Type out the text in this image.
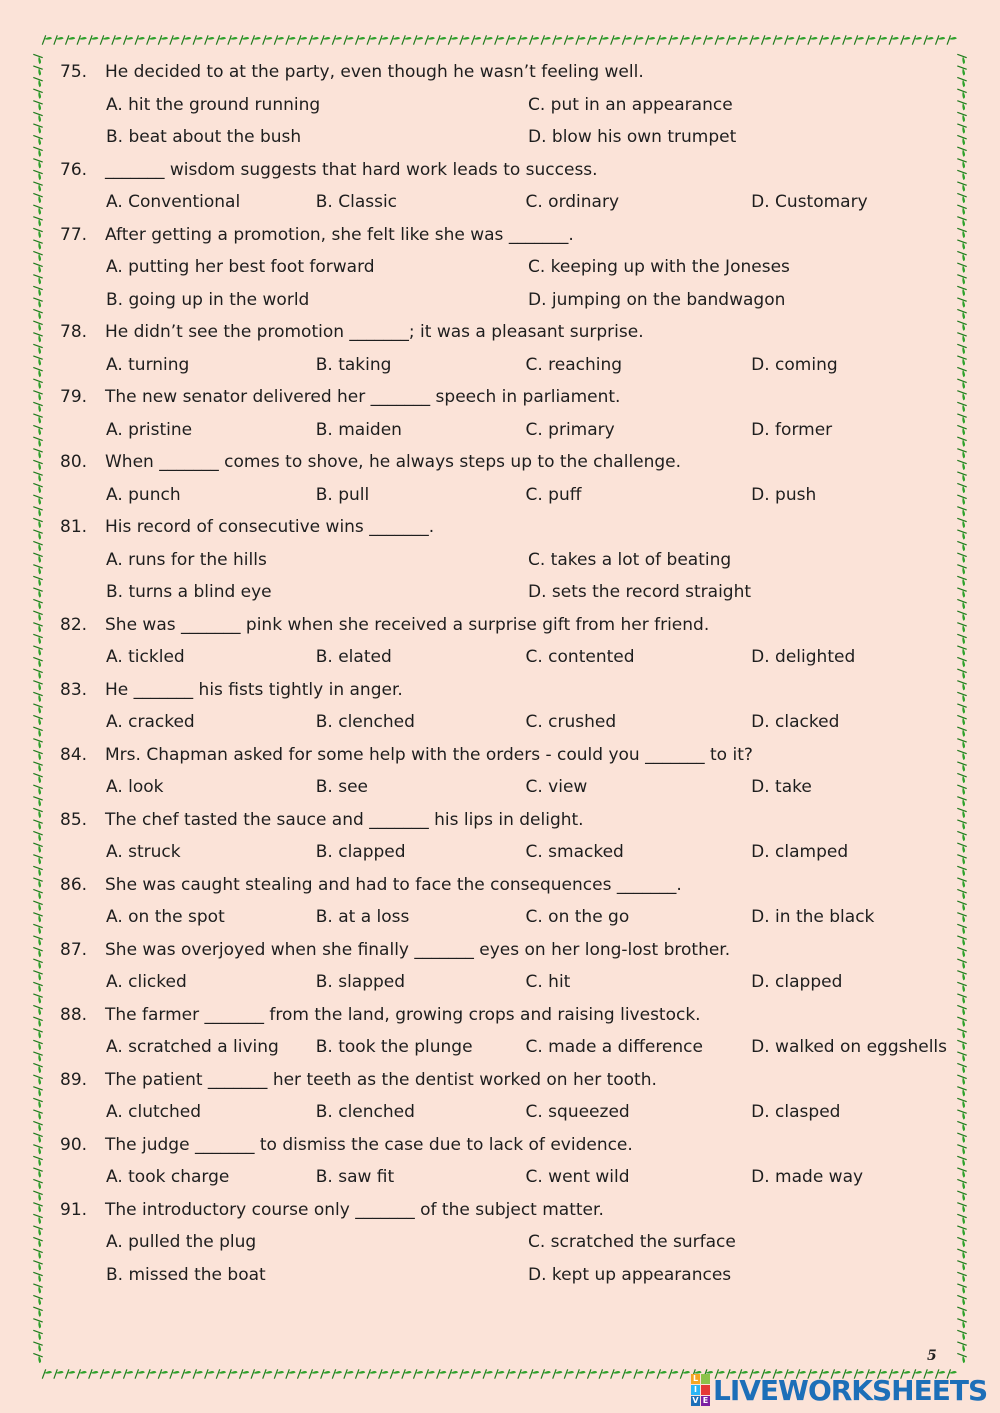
75.	He decided to at the party, even though he wasn’t feeling well.
A. hit the ground running	C. put in an appearance
B. beat about the bush	D. blow his own trumpet
76.	_______ wisdom suggests that hard work leads to success.
A. Conventional	B. Classic	C. ordinary	D. Customary
77.	After getting a promotion, she felt like she was _______.
A. putting her best foot forward	C. keeping up with the Joneses
B. going up in the world	D. jumping on the bandwagon
78.	He didn’t see the promotion _______; it was a pleasant surprise.
A. turning	B. taking	C. reaching	D. coming
79.	The new senator delivered her _______ speech in parliament.
A. pristine	B. maiden	C. primary	D. former
80.	When _______ comes to shove, he always steps up to the challenge.
A. punch	B. pull	C. puff	D. push
81.	His record of consecutive wins _______.
A. runs for the hills	C. takes a lot of beating
B. turns a blind eye	D. sets the record straight
82.	She was _______ pink when she received a surprise gift from her friend.
A. tickled	B. elated	C. contented	D. delighted
83.	He _______ his fists tightly in anger.
A. cracked	B. clenched	C. crushed	D. clacked
84.	Mrs. Chapman asked for some help with the orders - could you _______ to it?
A. look	B. see	C. view	D. take
85.	The chef tasted the sauce and _______ his lips in delight.
A. struck	B. clapped	C. smacked	D. clamped
86.	She was caught stealing and had to face the consequences _______.
A. on the spot	B. at a loss	C. on the go	D. in the black
87.	She was overjoyed when she finally _______ eyes on her long-lost brother.
A. clicked	B. slapped	C. hit	D. clapped
88.	The farmer _______ from the land, growing crops and raising livestock.
A. scratched a living	B. took the plunge	C. made a difference	D. walked on eggshells
89.	The patient _______ her teeth as the dentist worked on her tooth.
A. clutched	B. clenched	C. squeezed	D. clasped
90.	The judge _______ to dismiss the case due to lack of evidence.
A. took charge	B. saw fit	C. went wild	D. made way
91.	The introductory course only _______ of the subject matter.
A. pulled the plug	C. scratched the surface
B. missed the boat	D. kept up appearances
5
L
I
V E LIVEWORKSHEETS
